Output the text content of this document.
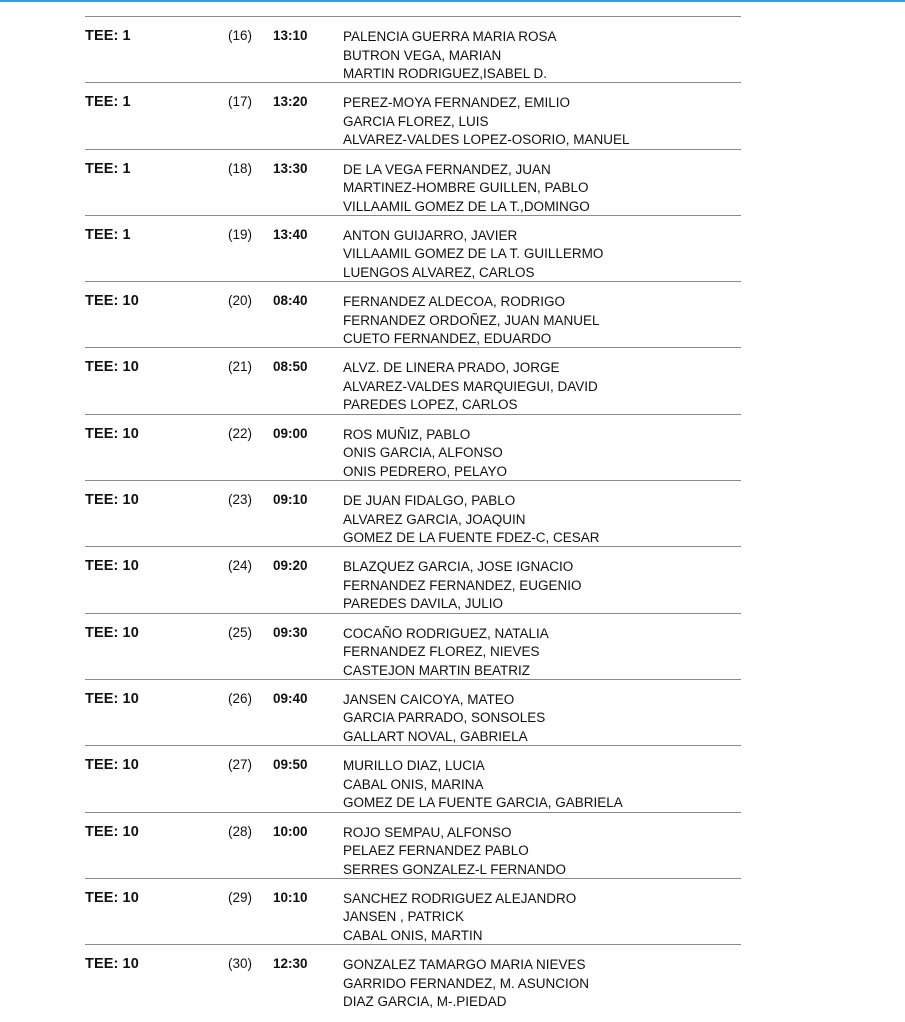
TEE: 1	(16) 13:10	PALENCIA GUERRA MARIA ROSA
BUTRON VEGA, MARIAN
MARTIN RODRIGUEZ,ISABEL D.
TEE: 1	(17) 13:20	PEREZ-MOYA FERNANDEZ, EMILIO
GARCIA FLOREZ, LUIS
ALVAREZ-VALDES LOPEZ-OSORIO, MANUEL
TEE: 1	(18) 13:30	DE LA VEGA FERNANDEZ, JUAN
MARTINEZ-HOMBRE GUILLEN, PABLO
VILLAAMIL GOMEZ DE LA T.,DOMINGO
TEE: 1	(19) 13:40	ANTON GUIJARRO, JAVIER
VILLAAMIL GOMEZ DE LA T. GUILLERMO
LUENGOS ALVAREZ, CARLOS
TEE: 10	(20) 08:40	FERNANDEZ ALDECOA, RODRIGO
FERNANDEZ ORDOÑEZ, JUAN MANUEL
CUETO FERNANDEZ, EDUARDO
TEE: 10	(21) 08:50	ALVZ. DE LINERA PRADO, JORGE
ALVAREZ-VALDES MARQUIEGUI, DAVID
PAREDES LOPEZ, CARLOS
TEE: 10	(22) 09:00	ROS MUÑIZ, PABLO
ONIS GARCIA, ALFONSO
ONIS PEDRERO, PELAYO
TEE: 10	(23) 09:10	DE JUAN FIDALGO, PABLO
ALVAREZ GARCIA, JOAQUIN
GOMEZ DE LA FUENTE FDEZ-C, CESAR
TEE: 10	(24) 09:20	BLAZQUEZ GARCIA, JOSE IGNACIO
FERNANDEZ FERNANDEZ, EUGENIO
PAREDES DAVILA, JULIO
TEE: 10	(25) 09:30	COCAÑO RODRIGUEZ, NATALIA
FERNANDEZ FLOREZ, NIEVES
CASTEJON MARTIN BEATRIZ
TEE: 10	(26) 09:40	JANSEN CAICOYA, MATEO
GARCIA PARRADO, SONSOLES
GALLART NOVAL, GABRIELA
TEE: 10	(27) 09:50	MURILLO DIAZ, LUCIA
CABAL ONIS, MARINA
GOMEZ DE LA FUENTE GARCIA, GABRIELA
TEE: 10	(28) 10:00	ROJO SEMPAU, ALFONSO
PELAEZ FERNANDEZ PABLO
SERRES GONZALEZ-L FERNANDO
TEE: 10	(29) 10:10	SANCHEZ RODRIGUEZ ALEJANDRO
JANSEN , PATRICK
CABAL ONIS, MARTIN
TEE: 10	(30) 12:30	GONZALEZ TAMARGO MARIA NIEVES
GARRIDO FERNANDEZ, M. ASUNCION
DIAZ GARCIA, M-.PIEDAD
